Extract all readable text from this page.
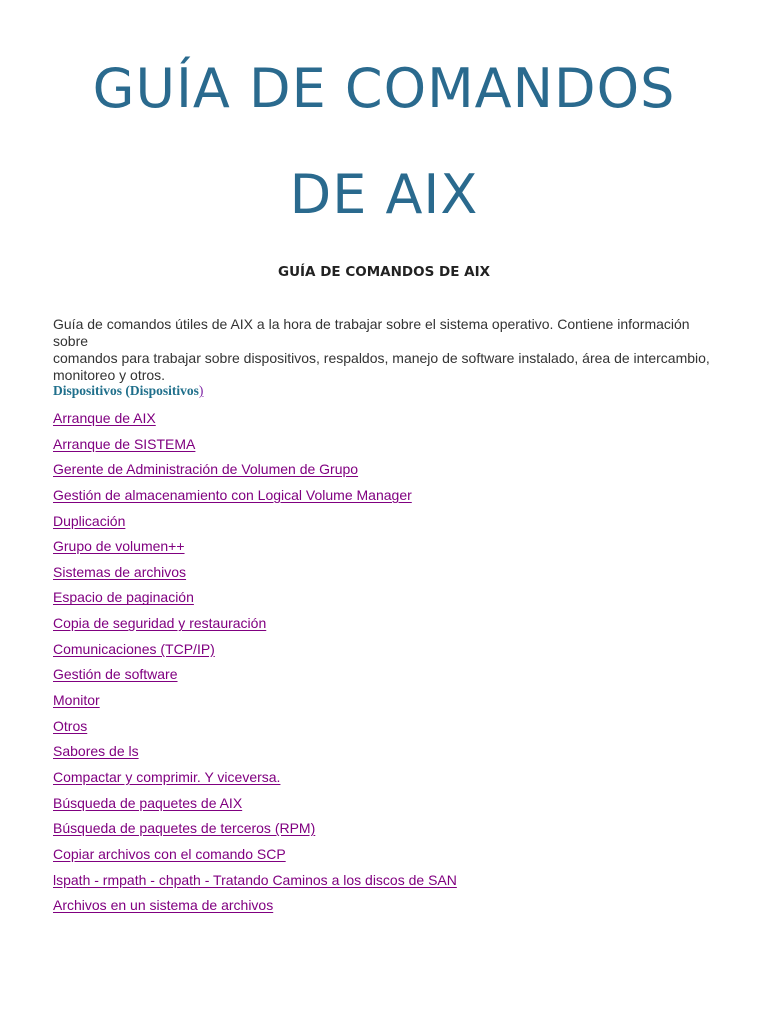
GUÍA DE COMANDOS
DE AIX
GUÍA DE COMANDOS DE AIX

Guía de comandos útiles de AIX a la hora de trabajar sobre el sistema operativo. Contiene información sobre
comandos para trabajar sobre dispositivos, respaldos, manejo de software instalado, área de intercambio,
monitoreo y otros.

Dispositivos (Dispositivos)

Arranque de AIX
Arranque de SISTEMA
Gerente de Administración de Volumen de Grupo
Gestión de almacenamiento con Logical Volume Manager
Duplicación
Grupo de volumen++
Sistemas de archivos
Espacio de paginación
Copia de seguridad y restauración
Comunicaciones (TCP/IP)
Gestión de software
Monitor
Otros
Sabores de ls
Compactar y comprimir. Y viceversa.
Búsqueda de paquetes de AIX
Búsqueda de paquetes de terceros (RPM)
Copiar archivos con el comando SCP
lspath - rmpath - chpath - Tratando Caminos a los discos de SAN
Archivos en un sistema de archivos
